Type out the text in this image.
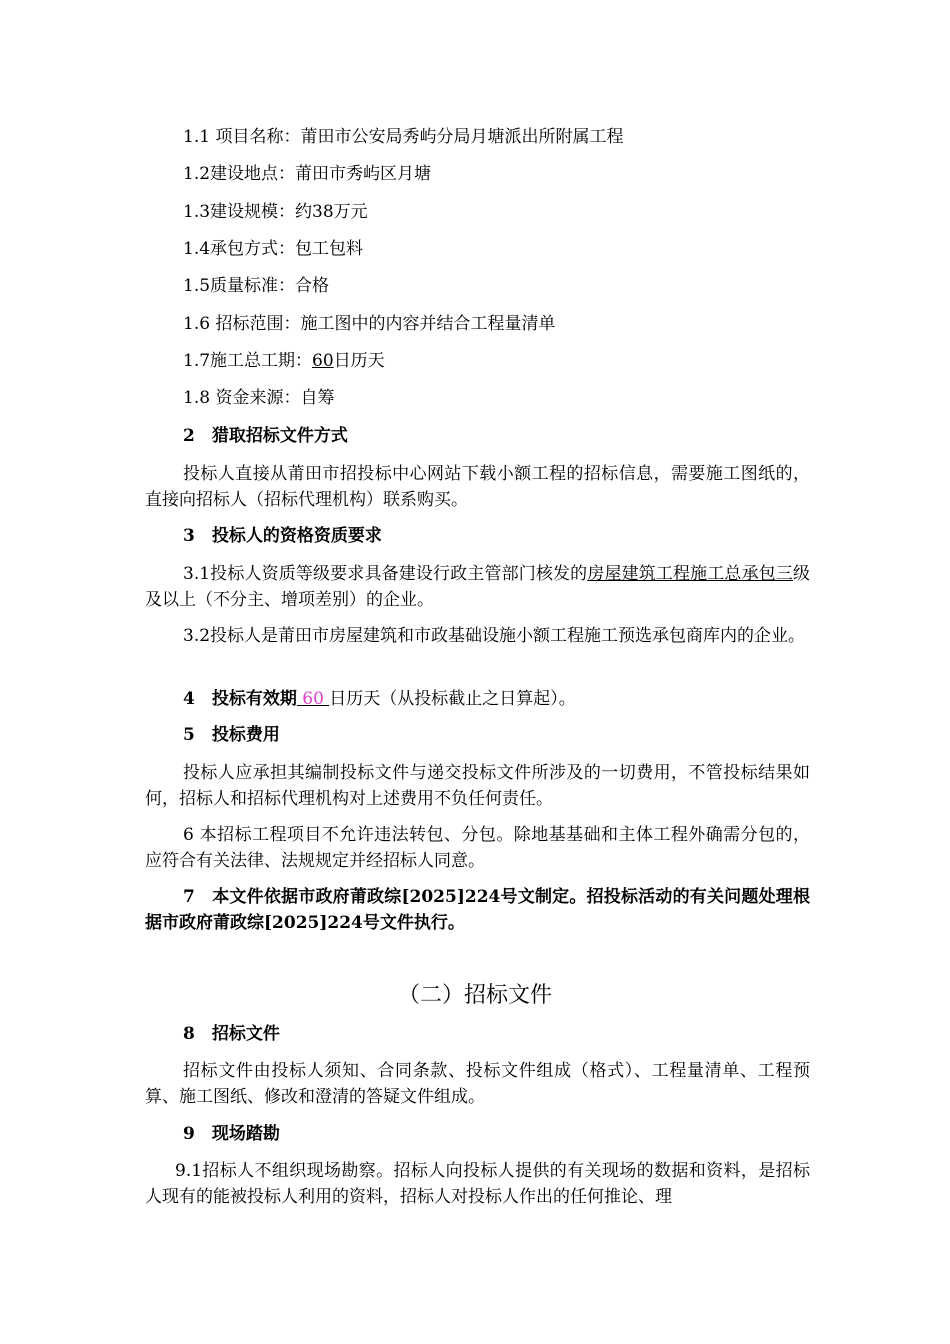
1.1 项目名称：莆田市公安局秀屿分局月塘派出所附属工程

1.2建设地点：莆田市秀屿区月塘

1.3建设规模：约38万元

1.4承包方式：包工包料

1.5质量标准：合格

1.6 招标范围：施工图中的内容并结合工程量清单

1.7施工总工期：60日历天

1.8 资金来源：自筹

2　猎取招标文件方式

投标人直接从莆田市招投标中心网站下载小额工程的招标信息，需要施工图纸的，直接向招标人（招标代理机构）联系购买。

3　投标人的资格资质要求

3.1投标人资质等级要求具备建设行政主管部门核发的房屋建筑工程施工总承包三级及以上（不分主、增项差别）的企业。

3.2投标人是莆田市房屋建筑和市政基础设施小额工程施工预选承包商库内的企业。

4　投标有效期 60 日历天（从投标截止之日算起）。

5　投标费用

投标人应承担其编制投标文件与递交投标文件所涉及的一切费用，不管投标结果如何，招标人和招标代理机构对上述费用不负任何责任。

6 本招标工程项目不允许违法转包、分包。除地基基础和主体工程外确需分包的，应符合有关法律、法规规定并经招标人同意。

7　本文件依据市政府莆政综[2025]224号文制定。招投标活动的有关问题处理根据市政府莆政综[2025]224号文件执行。

（二）招标文件

8　招标文件

招标文件由投标人须知、合同条款、投标文件组成（格式）、工程量清单、工程预算、施工图纸、修改和澄清的答疑文件组成。

9　现场踏勘

9.1招标人不组织现场勘察。招标人向投标人提供的有关现场的数据和资料，是招标人现有的能被投标人利用的资料，招标人对投标人作出的任何推论、理
